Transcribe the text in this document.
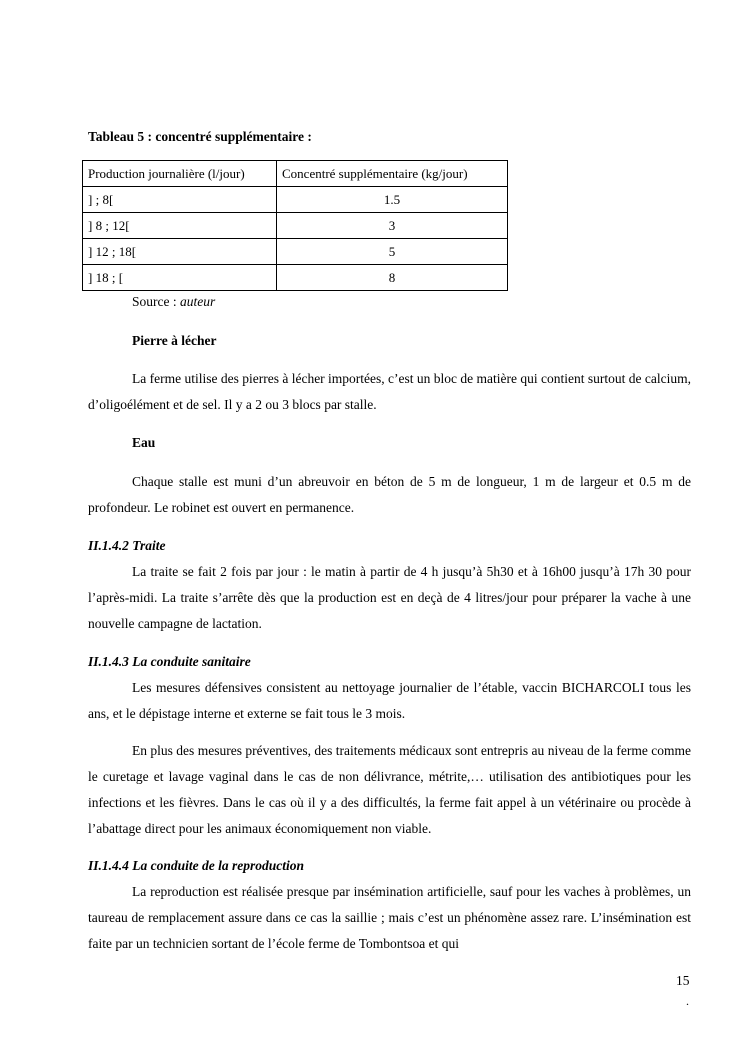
Tableau 5 : concentré supplémentaire :
Production journalière (l/jour)	Concentré supplémentaire (kg/jour)
] ; 8[	1.5
] 8 ; 12[	3
] 12 ; 18[	5
] 18 ; [	8
Source : auteur
Pierre à lécher

La ferme utilise des pierres à lécher importées, c’est un bloc de matière qui contient surtout de calcium, d’oligoélément et de sel. Il y a 2 ou 3 blocs par stalle.

Eau

Chaque stalle est muni d’un abreuvoir en béton de 5 m de longueur, 1 m de largeur et 0.5 m de profondeur. Le robinet est ouvert en permanence.

II.1.4.2 Traite

La traite se fait 2 fois par jour : le matin à partir de 4 h jusqu’à 5h30 et à 16h00 jusqu’à 17h 30 pour l’après-midi. La traite s’arrête dès que la production est en deçà de 4 litres/jour pour préparer la vache à une nouvelle campagne de lactation.

II.1.4.3 La conduite sanitaire

Les mesures défensives consistent au nettoyage journalier de l’étable, vaccin BICHARCOLI tous les ans, et le dépistage interne et externe se fait tous le 3 mois.

En plus des mesures préventives, des traitements médicaux sont entrepris au niveau de la ferme comme le curetage et lavage vaginal dans le cas de non délivrance, métrite,… utilisation des antibiotiques pour les infections et les fièvres. Dans le cas où il y a des difficultés, la ferme fait appel à un vétérinaire ou procède à l’abattage direct pour les animaux économiquement non viable.

II.1.4.4 La conduite de la reproduction

La reproduction est réalisée presque par insémination artificielle, sauf pour les vaches à problèmes, un taureau de remplacement assure dans ce cas la saillie ; mais c’est un phénomène assez rare. L’insémination est faite par un technicien sortant de l’école ferme de Tombontsoa et qui

15
.
